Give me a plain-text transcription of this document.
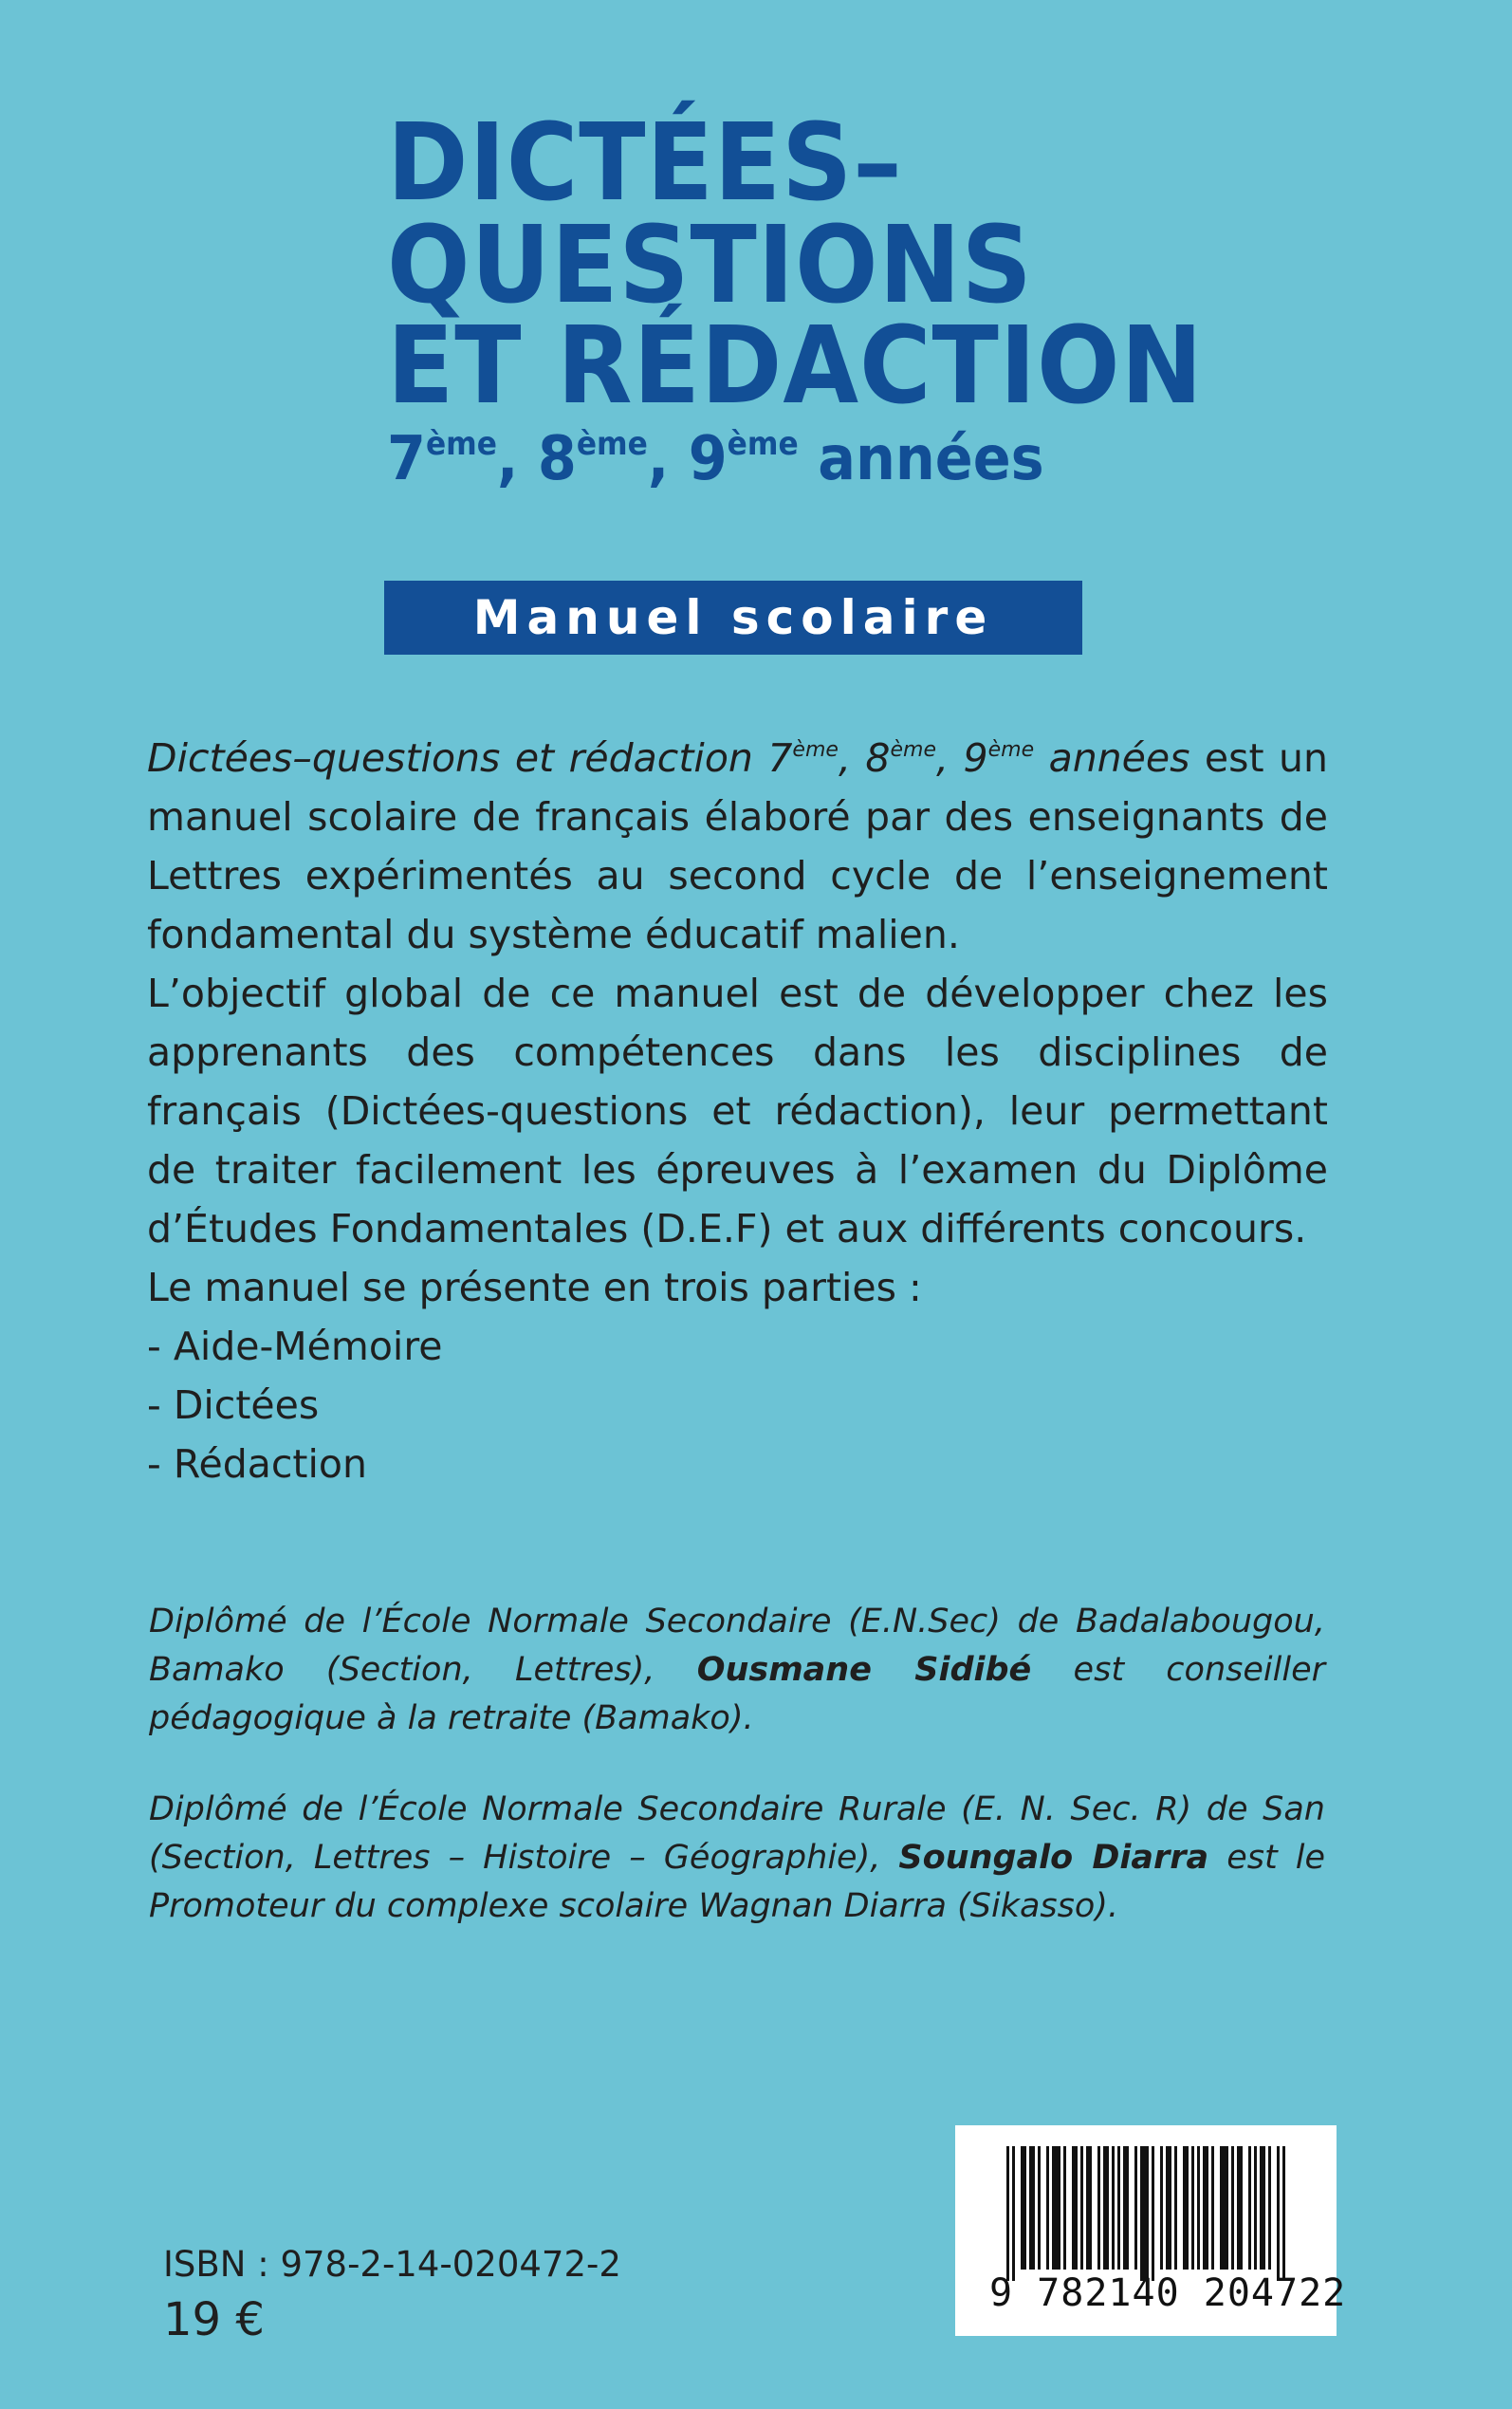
DICTÉES–
QUESTIONS
ET RÉDACTION
7ème, 8ème, 9ème années
Manuel scolaire

Dictées–questions et rédaction 7ème, 8ème, 9ème années est un manuel scolaire de français élaboré par des enseignants de Lettres expérimentés au second cycle de l’enseignement fondamental du système éducatif malien.

L’objectif global de ce manuel est de développer chez les apprenants des compétences dans les disciplines de français (Dictées-questions et rédaction), leur permettant de traiter facilement les épreuves à l’examen du Diplôme d’Études Fondamentales (D.E.F) et aux différents concours.

Le manuel se présente en trois parties :

- Aide-Mémoire
- Dictées
- Rédaction
Diplômé de l’École Normale Secondaire (E.N.Sec) de Badalabougou, Bamako (Section, Lettres), Ousmane Sidibé est conseiller pédagogique à la retraite (Bamako).
Diplômé de l’École Normale Secondaire Rurale (E. N. Sec. R) de San (Section, Lettres – Histoire – Géographie), Soungalo Diarra est le Promoteur du complexe scolaire Wagnan Diarra (Sikasso).
9 782140 204722
ISBN : 978-2-14-020472-2
19 €
